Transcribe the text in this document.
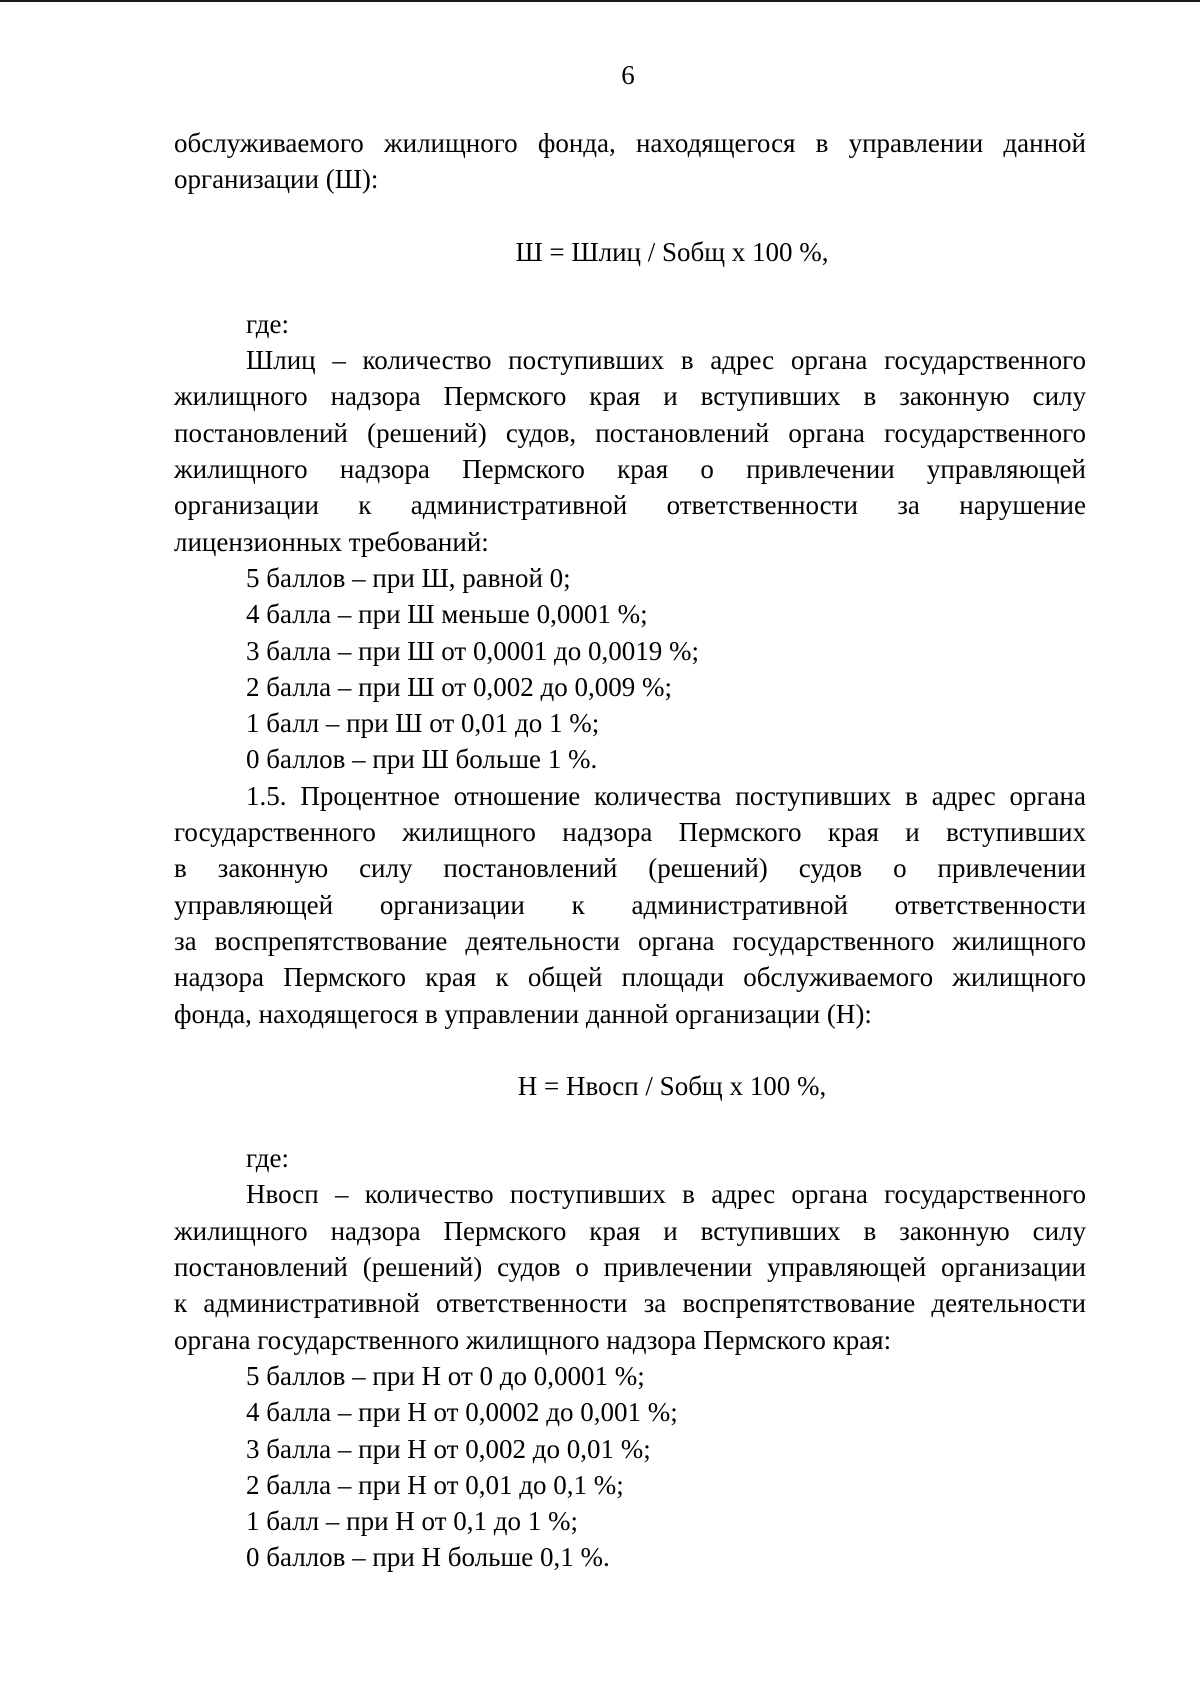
6
обслуживаемого жилищного фонда, находящегося в управлении данной
организации (Ш):
Ш = Шлиц / Sобщ х 100 %,
где:
Шлиц – количество поступивших в адрес органа государственного
жилищного надзора Пермского края и вступивших в законную силу
постановлений (решений) судов, постановлений органа государственного
жилищного надзора Пермского края о привлечении управляющей
организации к административной ответственности за нарушение
лицензионных требований:
5 баллов – при Ш, равной 0;
4 балла – при Ш меньше 0,0001 %;
3 балла – при Ш от 0,0001 до 0,0019 %;
2 балла – при Ш от 0,002 до 0,009 %;
1 балл – при Ш от 0,01 до 1 %;
0 баллов – при Ш больше 1 %.
1.5. Процентное отношение количества поступивших в адрес органа
государственного жилищного надзора Пермского края и вступивших
в законную силу постановлений (решений) судов о привлечении
управляющей организации к административной ответственности
за воспрепятствование деятельности органа государственного жилищного
надзора Пермского края к общей площади обслуживаемого жилищного
фонда, находящегося в управлении данной организации (Н):
Н = Нвосп / Sобщ х 100 %,
где:
Нвосп – количество поступивших в адрес органа государственного
жилищного надзора Пермского края и вступивших в законную силу
постановлений (решений) судов о привлечении управляющей организации
к административной ответственности за воспрепятствование деятельности
органа государственного жилищного надзора Пермского края:
5 баллов – при Н от 0 до 0,0001 %;
4 балла – при Н от 0,0002 до 0,001 %;
3 балла – при Н от 0,002 до 0,01 %;
2 балла – при Н от 0,01 до 0,1 %;
1 балл – при Н от 0,1 до 1 %;
0 баллов – при Н больше 0,1 %.
